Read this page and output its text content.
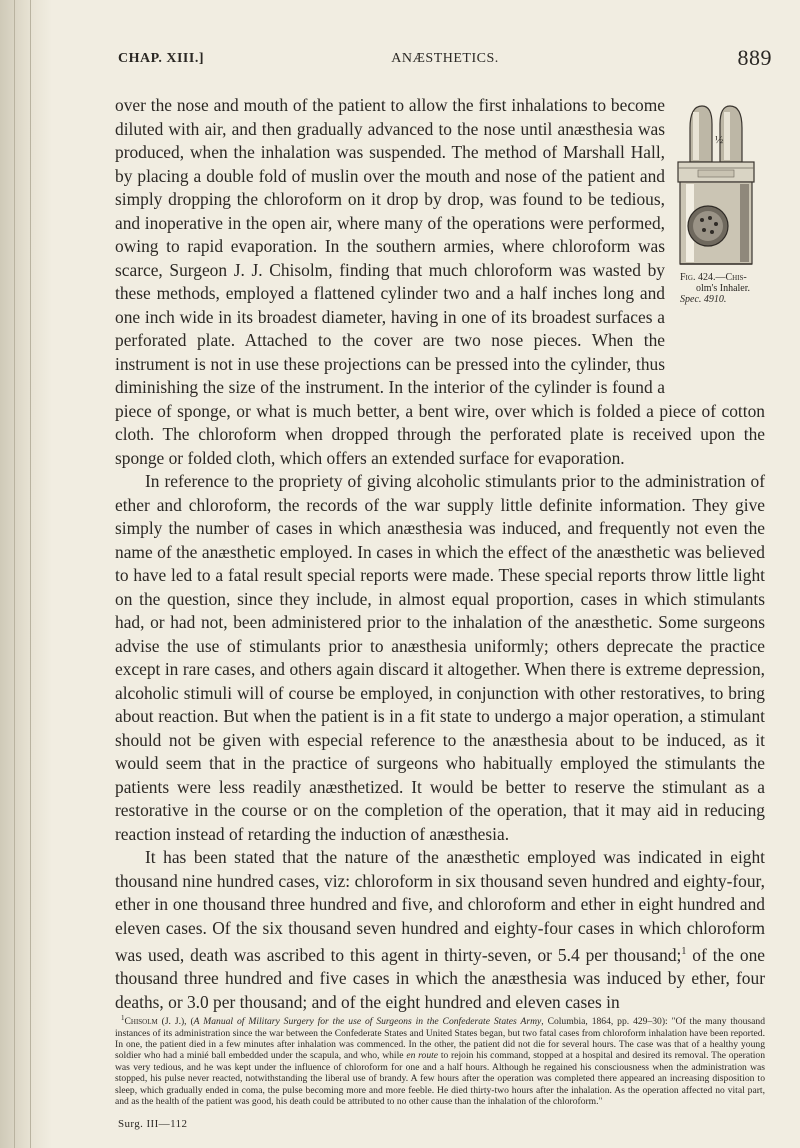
CHAP. XIII.]	ANÆSTHETICS.	889
½
Fig. 424.—Chis-
olm's Inhaler.
Spec. 4910.

over the nose and mouth of the patient to allow the first inhalations to become diluted with air, and then gradually advanced to the nose until anæsthesia was produced, when the inhalation was suspended. The method of Marshall Hall, by placing a double fold of muslin over the mouth and nose of the patient and simply dropping the chloroform on it drop by drop, was found to be tedious, and inoperative in the open air, where many of the operations were performed, owing to rapid evaporation. In the southern armies, where chloroform was scarce, Surgeon J. J. Chisolm, finding that much chloroform was wasted by these methods, employed a flattened cylinder two and a half inches long and one inch wide in its broadest diameter, having in one of its broadest surfaces a perforated plate. Attached to the cover are two nose pieces. When the instrument is not in use these projections can be pressed into the cylinder, thus diminishing the size of the instrument. In the interior of the cylinder is found a piece of sponge, or what is much better, a bent wire, over which is folded a piece of cotton cloth. The chloroform when dropped through the perforated plate is received upon the sponge or folded cloth, which offers an extended surface for evaporation.

In reference to the propriety of giving alcoholic stimulants prior to the administration of ether and chloroform, the records of the war supply little definite information. They give simply the number of cases in which anæsthesia was induced, and frequently not even the name of the anæsthetic employed. In cases in which the effect of the anæsthetic was believed to have led to a fatal result special reports were made. These special reports throw little light on the question, since they include, in almost equal proportion, cases in which stimulants had, or had not, been administered prior to the inhalation of the anæsthetic. Some surgeons advise the use of stimulants prior to anæsthesia uniformly; others deprecate the practice except in rare cases, and others again discard it altogether. When there is extreme depression, alcoholic stimuli will of course be employed, in conjunction with other restoratives, to bring about reaction. But when the patient is in a fit state to undergo a major operation, a stimulant should not be given with especial reference to the anæsthesia about to be induced, as it would seem that in the practice of surgeons who habitually employed the stimulants the patients were less readily anæsthetized. It would be better to reserve the stimulant as a restorative in the course or on the completion of the operation, that it may aid in reducing reaction instead of retarding the induction of anæsthesia.

It has been stated that the nature of the anæsthetic employed was indicated in eight thousand nine hundred cases, viz: chloroform in six thousand seven hundred and eighty-four, ether in one thousand three hundred and five, and chloroform and ether in eight hundred and eleven cases. Of the six thousand seven hundred and eighty-four cases in which chloroform was used, death was ascribed to this agent in thirty-seven, or 5.4 per thousand;$^1$ of the one thousand three hundred and five cases in which the anæsthesia was induced by ether, four deaths, or 3.0 per thousand; and of the eight hundred and eleven cases in

$^1$Chisolm (J. J.), (A Manual of Military Surgery for the use of Surgeons in the Confederate States Army, Columbia, 1864, pp. 429–30): "Of the many thousand instances of its administration since the war between the Confederate States and United States began, but two fatal cases from chloroform inhalation have been reported. In one, the patient died in a few minutes after inhalation was commenced. In the other, the patient did not die for several hours. The case was that of a healthy young soldier who had a minié ball embedded under the scapula, and who, while en route to rejoin his command, stopped at a hospital and desired its removal. The operation was very tedious, and he was kept under the influence of chloroform for one and a half hours. Although he regained his consciousness when the administration was stopped, his pulse never reacted, notwithstanding the liberal use of brandy. A few hours after the operation was completed there appeared an increasing disposition to sleep, which gradually ended in coma, the pulse becoming more and more feeble. He died thirty-two hours after the inhalation. As the operation affected no vital part, and as the health of the patient was good, his death could be attributed to no other cause than the inhalation of the chloroform."

Surg. III—112
